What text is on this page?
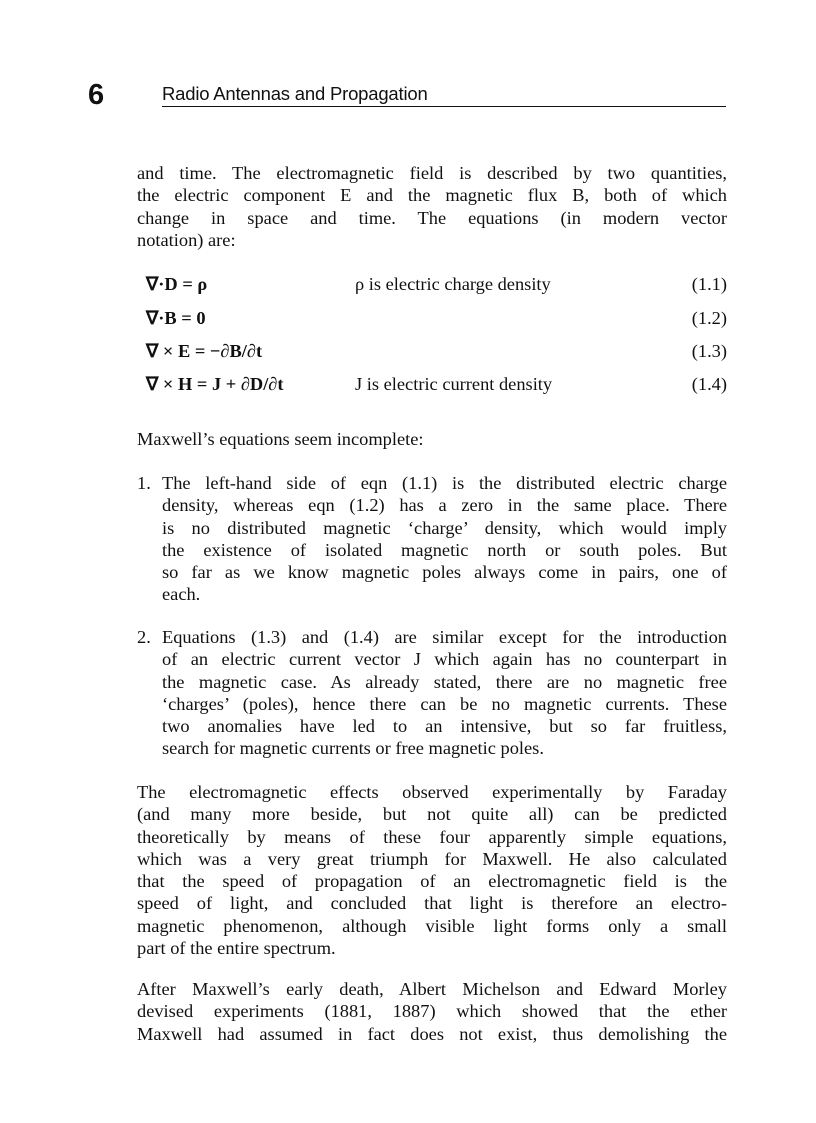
6	Radio Antennas and Propagation
and time. The electromagnetic field is described by two quantities,
the electric component E and the magnetic flux B, both of which
change in space and time. The equations (in modern vector
notation) are:
∇·D = ρ	ρ is electric charge density	(1.1)
∇·B = 0	(1.2)
∇ × E = −∂B/∂t	(1.3)
∇ × H = J + ∂D/∂t	J is electric current density	(1.4)
Maxwell’s equations seem incomplete:
1. The left-hand side of eqn (1.1) is the distributed electric charge
density, whereas eqn (1.2) has a zero in the same place. There
is no distributed magnetic ‘charge’ density, which would imply
the existence of isolated magnetic north or south poles. But
so far as we know magnetic poles always come in pairs, one of
each.
2. Equations (1.3) and (1.4) are similar except for the introduction
of an electric current vector J which again has no counterpart in
the magnetic case. As already stated, there are no magnetic free
‘charges’ (poles), hence there can be no magnetic currents. These
two anomalies have led to an intensive, but so far fruitless,
search for magnetic currents or free magnetic poles.
The electromagnetic effects observed experimentally by Faraday
(and many more beside, but not quite all) can be predicted
theoretically by means of these four apparently simple equations,
which was a very great triumph for Maxwell. He also calculated
that the speed of propagation of an electromagnetic field is the
speed of light, and concluded that light is therefore an electro-
magnetic phenomenon, although visible light forms only a small
part of the entire spectrum.
After Maxwell’s early death, Albert Michelson and Edward Morley
devised experiments (1881, 1887) which showed that the ether
Maxwell had assumed in fact does not exist, thus demolishing the
